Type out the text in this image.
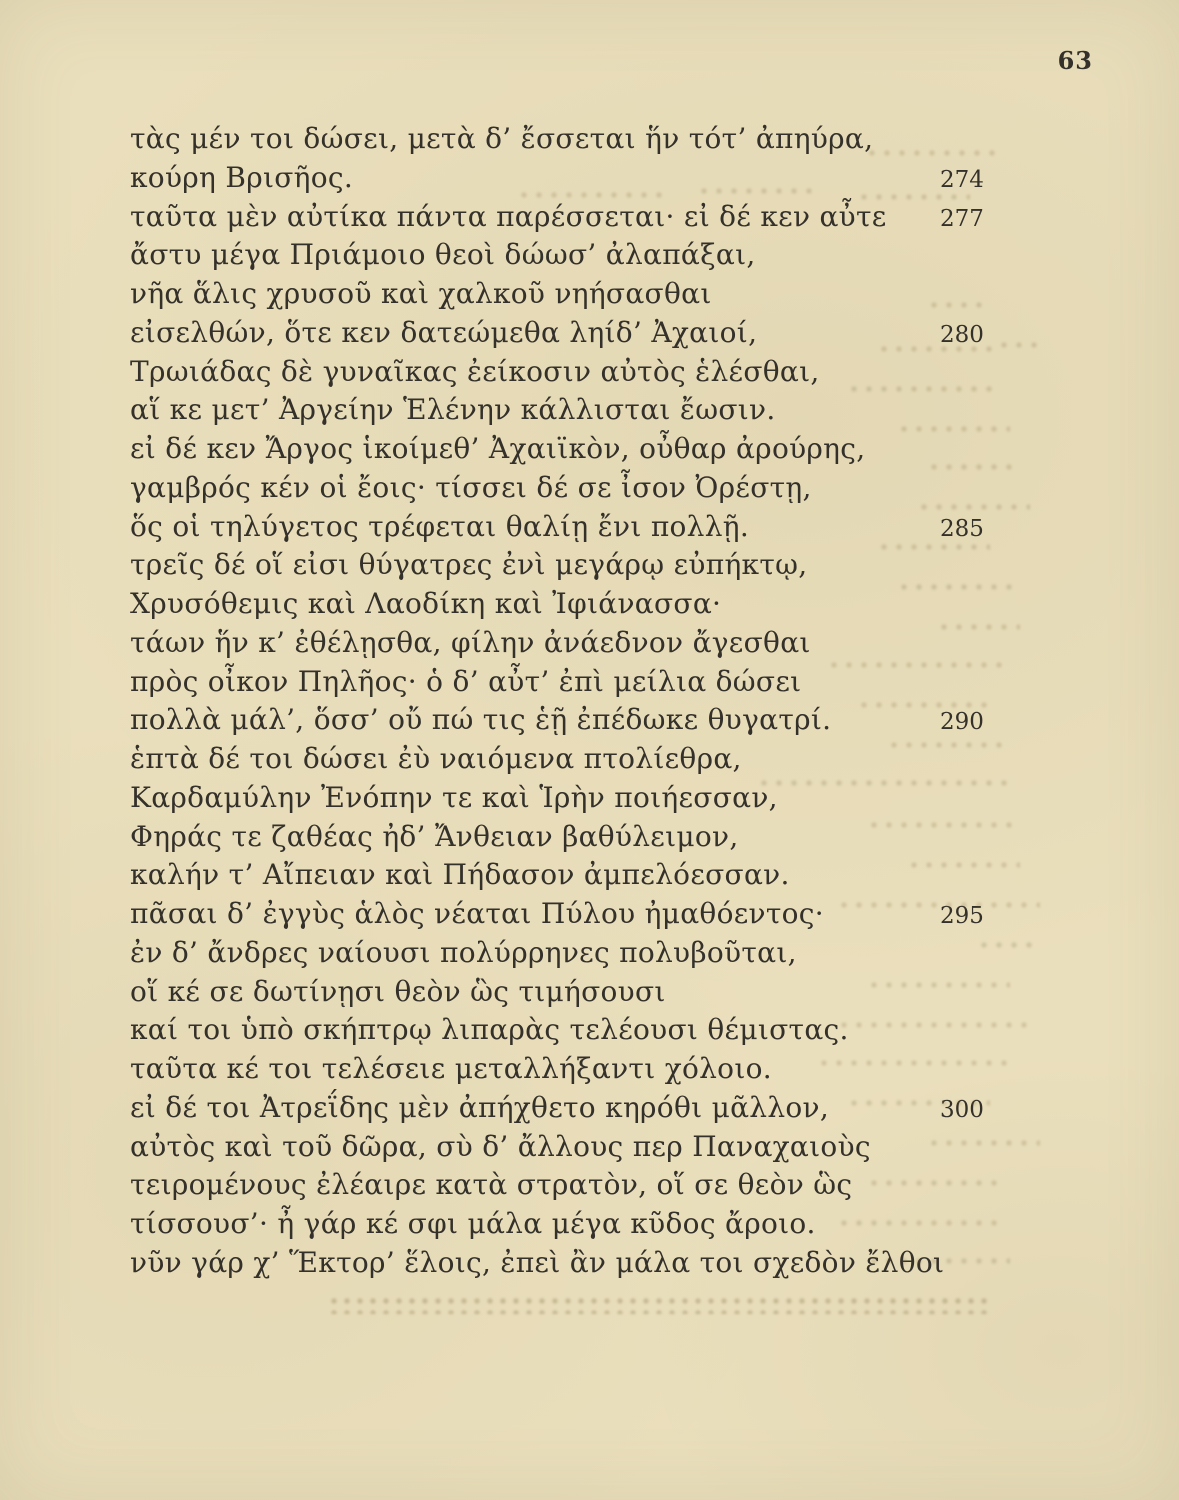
63
τὰς μέν τοι δώσει, μετὰ δ’ ἔσσεται ἥν τότ’ ἀπηύρα,
κούρη Βρισῆος.	274
ταῦτα μὲν αὐτίκα πάντα παρέσσεται· εἰ δέ κεν αὖτε	277
ἄστυ μέγα Πριάμοιο θεοὶ δώωσ’ ἀλαπάξαι,
νῆα ἅλις χρυσοῦ καὶ χαλκοῦ νηήσασθαι
εἰσελθών, ὅτε κεν δατεώμεθα ληίδ’ Ἀχαιοί,	280
Τρωιάδας δὲ γυναῖκας ἐείκοσιν αὐτὸς ἑλέσθαι,
αἵ κε μετ’ Ἀργείην Ἑλένην κάλλισται ἔωσιν.
εἰ δέ κεν Ἄργος ἱκοίμεθ’ Ἀχαιϊκὸν, οὖθαρ ἀρούρης,
γαμβρός κέν οἱ ἔοις· τίσσει δέ σε ἶσον Ὀρέστῃ,
ὅς οἱ τηλύγετος τρέφεται θαλίῃ ἔνι πολλῇ.	285
τρεῖς δέ οἵ εἰσι θύγατρες ἐνὶ μεγάρῳ εὐπήκτῳ,
Χρυσόθεμις καὶ Λαοδίκη καὶ Ἰφιάνασσα·
τάων ἥν κ’ ἐθέλῃσθα, φίλην ἀνάεδνον ἄγεσθαι
πρὸς οἶκον Πηλῆος· ὁ δ’ αὖτ’ ἐπὶ μείλια δώσει
πολλὰ μάλ’, ὅσσ’ οὔ πώ τις ἑῇ ἐπέδωκε θυγατρί.	290
ἑπτὰ δέ τοι δώσει ἐὺ ναιόμενα πτολίεθρα,
Καρδαμύλην Ἐνόπην τε καὶ Ἱρὴν ποιήεσσαν,
Φηράς τε ζαθέας ἠδ’ Ἄνθειαν βαθύλειμον,
καλήν τ’ Αἴπειαν καὶ Πήδασον ἀμπελόεσσαν.
πᾶσαι δ’ ἐγγὺς ἁλὸς νέαται Πύλου ἠμαθόεντος·	295
ἐν δ’ ἄνδρες ναίουσι πολύρρηνες πολυβοῦται,
οἵ κέ σε δωτίνῃσι θεὸν ὣς τιμήσουσι
καί τοι ὑπὸ σκήπτρῳ λιπαρὰς τελέουσι θέμιστας.
ταῦτα κέ τοι τελέσειε μεταλλήξαντι χόλοιο.
εἰ δέ τοι Ἀτρεΐδης μὲν ἀπήχθετο κηρόθι μᾶλλον,	300
αὐτὸς καὶ τοῦ δῶρα, σὺ δ’ ἄλλους περ Παναχαιοὺς
τειρομένους ἐλέαιρε κατὰ στρατὸν, οἵ σε θεὸν ὣς
τίσσουσ’· ἦ γάρ κέ σφι μάλα μέγα κῦδος ἄροιο.
νῦν γάρ χ’ Ἕκτορ’ ἕλοις, ἐπεὶ ἂν μάλα τοι σχεδὸν ἔλθοι
